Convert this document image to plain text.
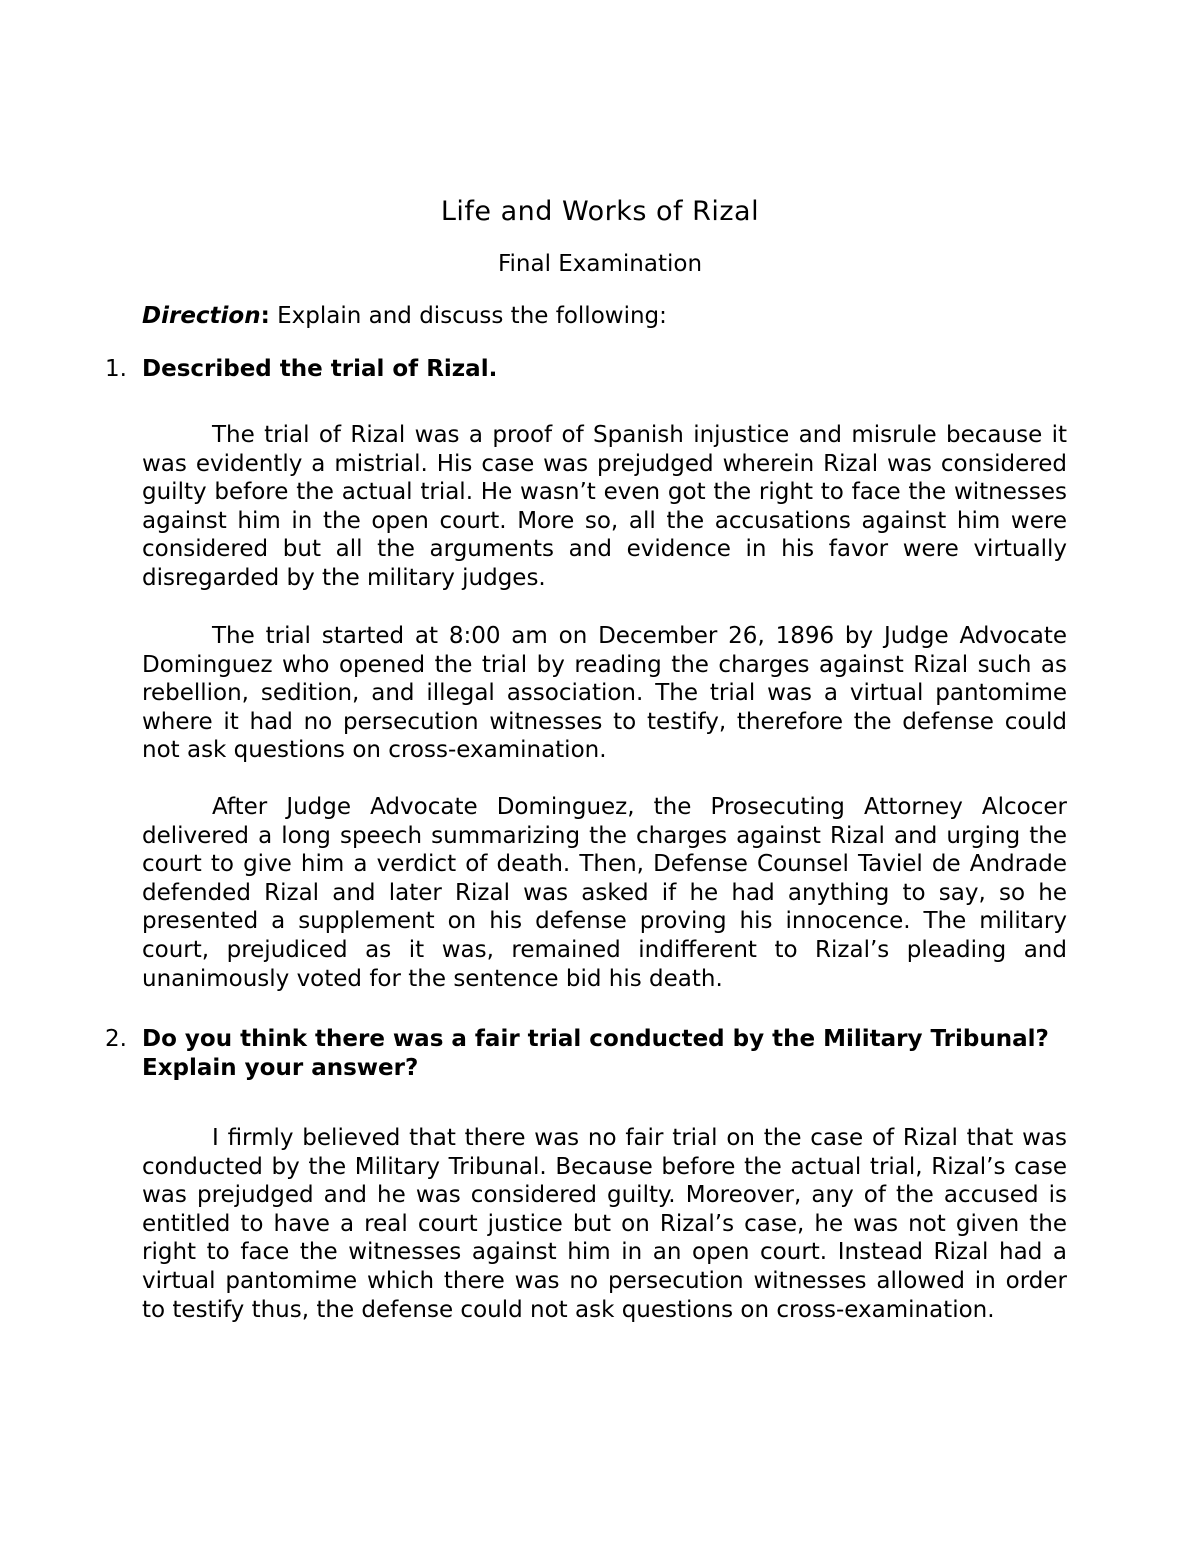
Life and Works of Rizal
Final Examination
Direction: Explain and discuss the following:
1. Described the trial of Rizal.

The trial of Rizal was a proof of Spanish injustice and misrule because it was evidently a mistrial. His case was prejudged wherein Rizal was considered guilty before the actual trial. He wasn’t even got the right to face the witnesses against him in the open court. More so, all the accusations against him were considered but all the arguments and evidence in his favor were virtually disregarded by the military judges.

The trial started at 8:00 am on December 26, 1896 by Judge Advocate Dominguez who opened the trial by reading the charges against Rizal such as rebellion, sedition, and illegal association. The trial was a virtual pantomime where it had no persecution witnesses to testify, therefore the defense could not ask questions on cross-examination.

After Judge Advocate Dominguez, the Prosecuting Attorney Alcocer delivered a long speech summarizing the charges against Rizal and urging the court to give him a verdict of death. Then, Defense Counsel Taviel de Andrade defended Rizal and later Rizal was asked if he had anything to say, so he presented a supplement on his defense proving his innocence. The military court, prejudiced as it was, remained indifferent to Rizal’s pleading and unanimously voted for the sentence bid his death.

2. Do you think there was a fair trial conducted by the Military Tribunal? Explain your answer?

I firmly believed that there was no fair trial on the case of Rizal that was conducted by the Military Tribunal. Because before the actual trial, Rizal’s case was prejudged and he was considered guilty. Moreover, any of the accused is entitled to have a real court justice but on Rizal’s case, he was not given the right to face the witnesses against him in an open court. Instead Rizal had a virtual pantomime which there was no persecution witnesses allowed in order to testify thus, the defense could not ask questions on cross-examination.
